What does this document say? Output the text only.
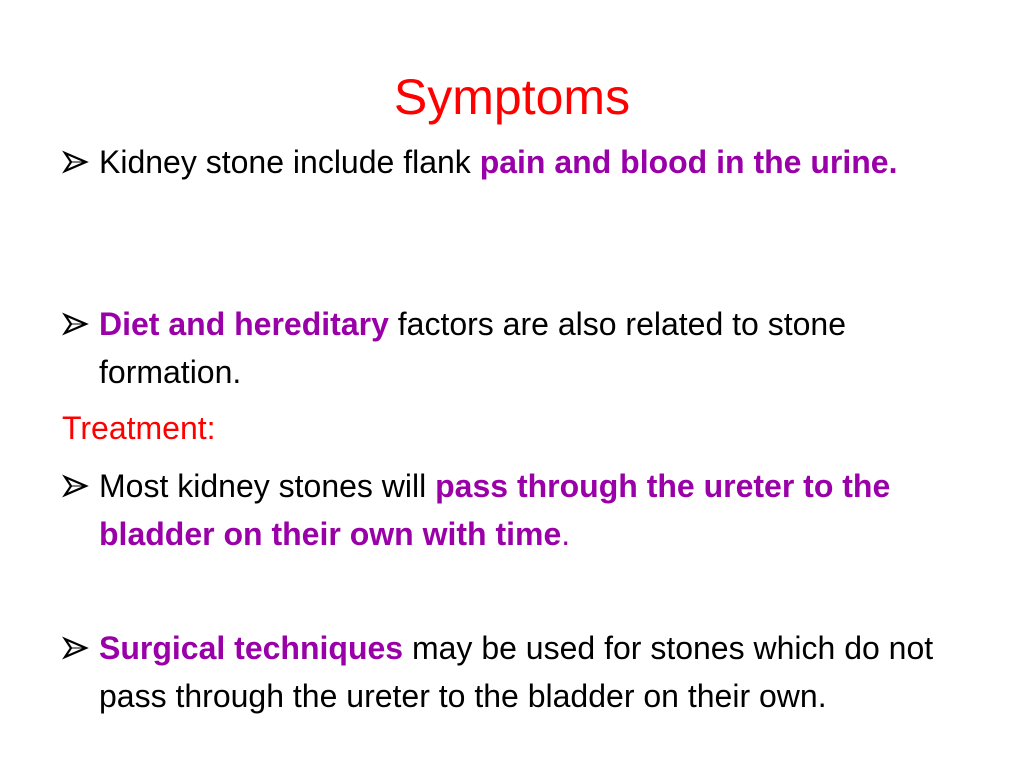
Symptoms
Kidney stone include flank pain and blood in the urine.
Diet and hereditary factors are also related to stone formation.
Treatment:
Most kidney stones will pass through the ureter to the bladder on their own with time.
Surgical techniques may be used for stones which do not pass through the ureter to the bladder on their own.
